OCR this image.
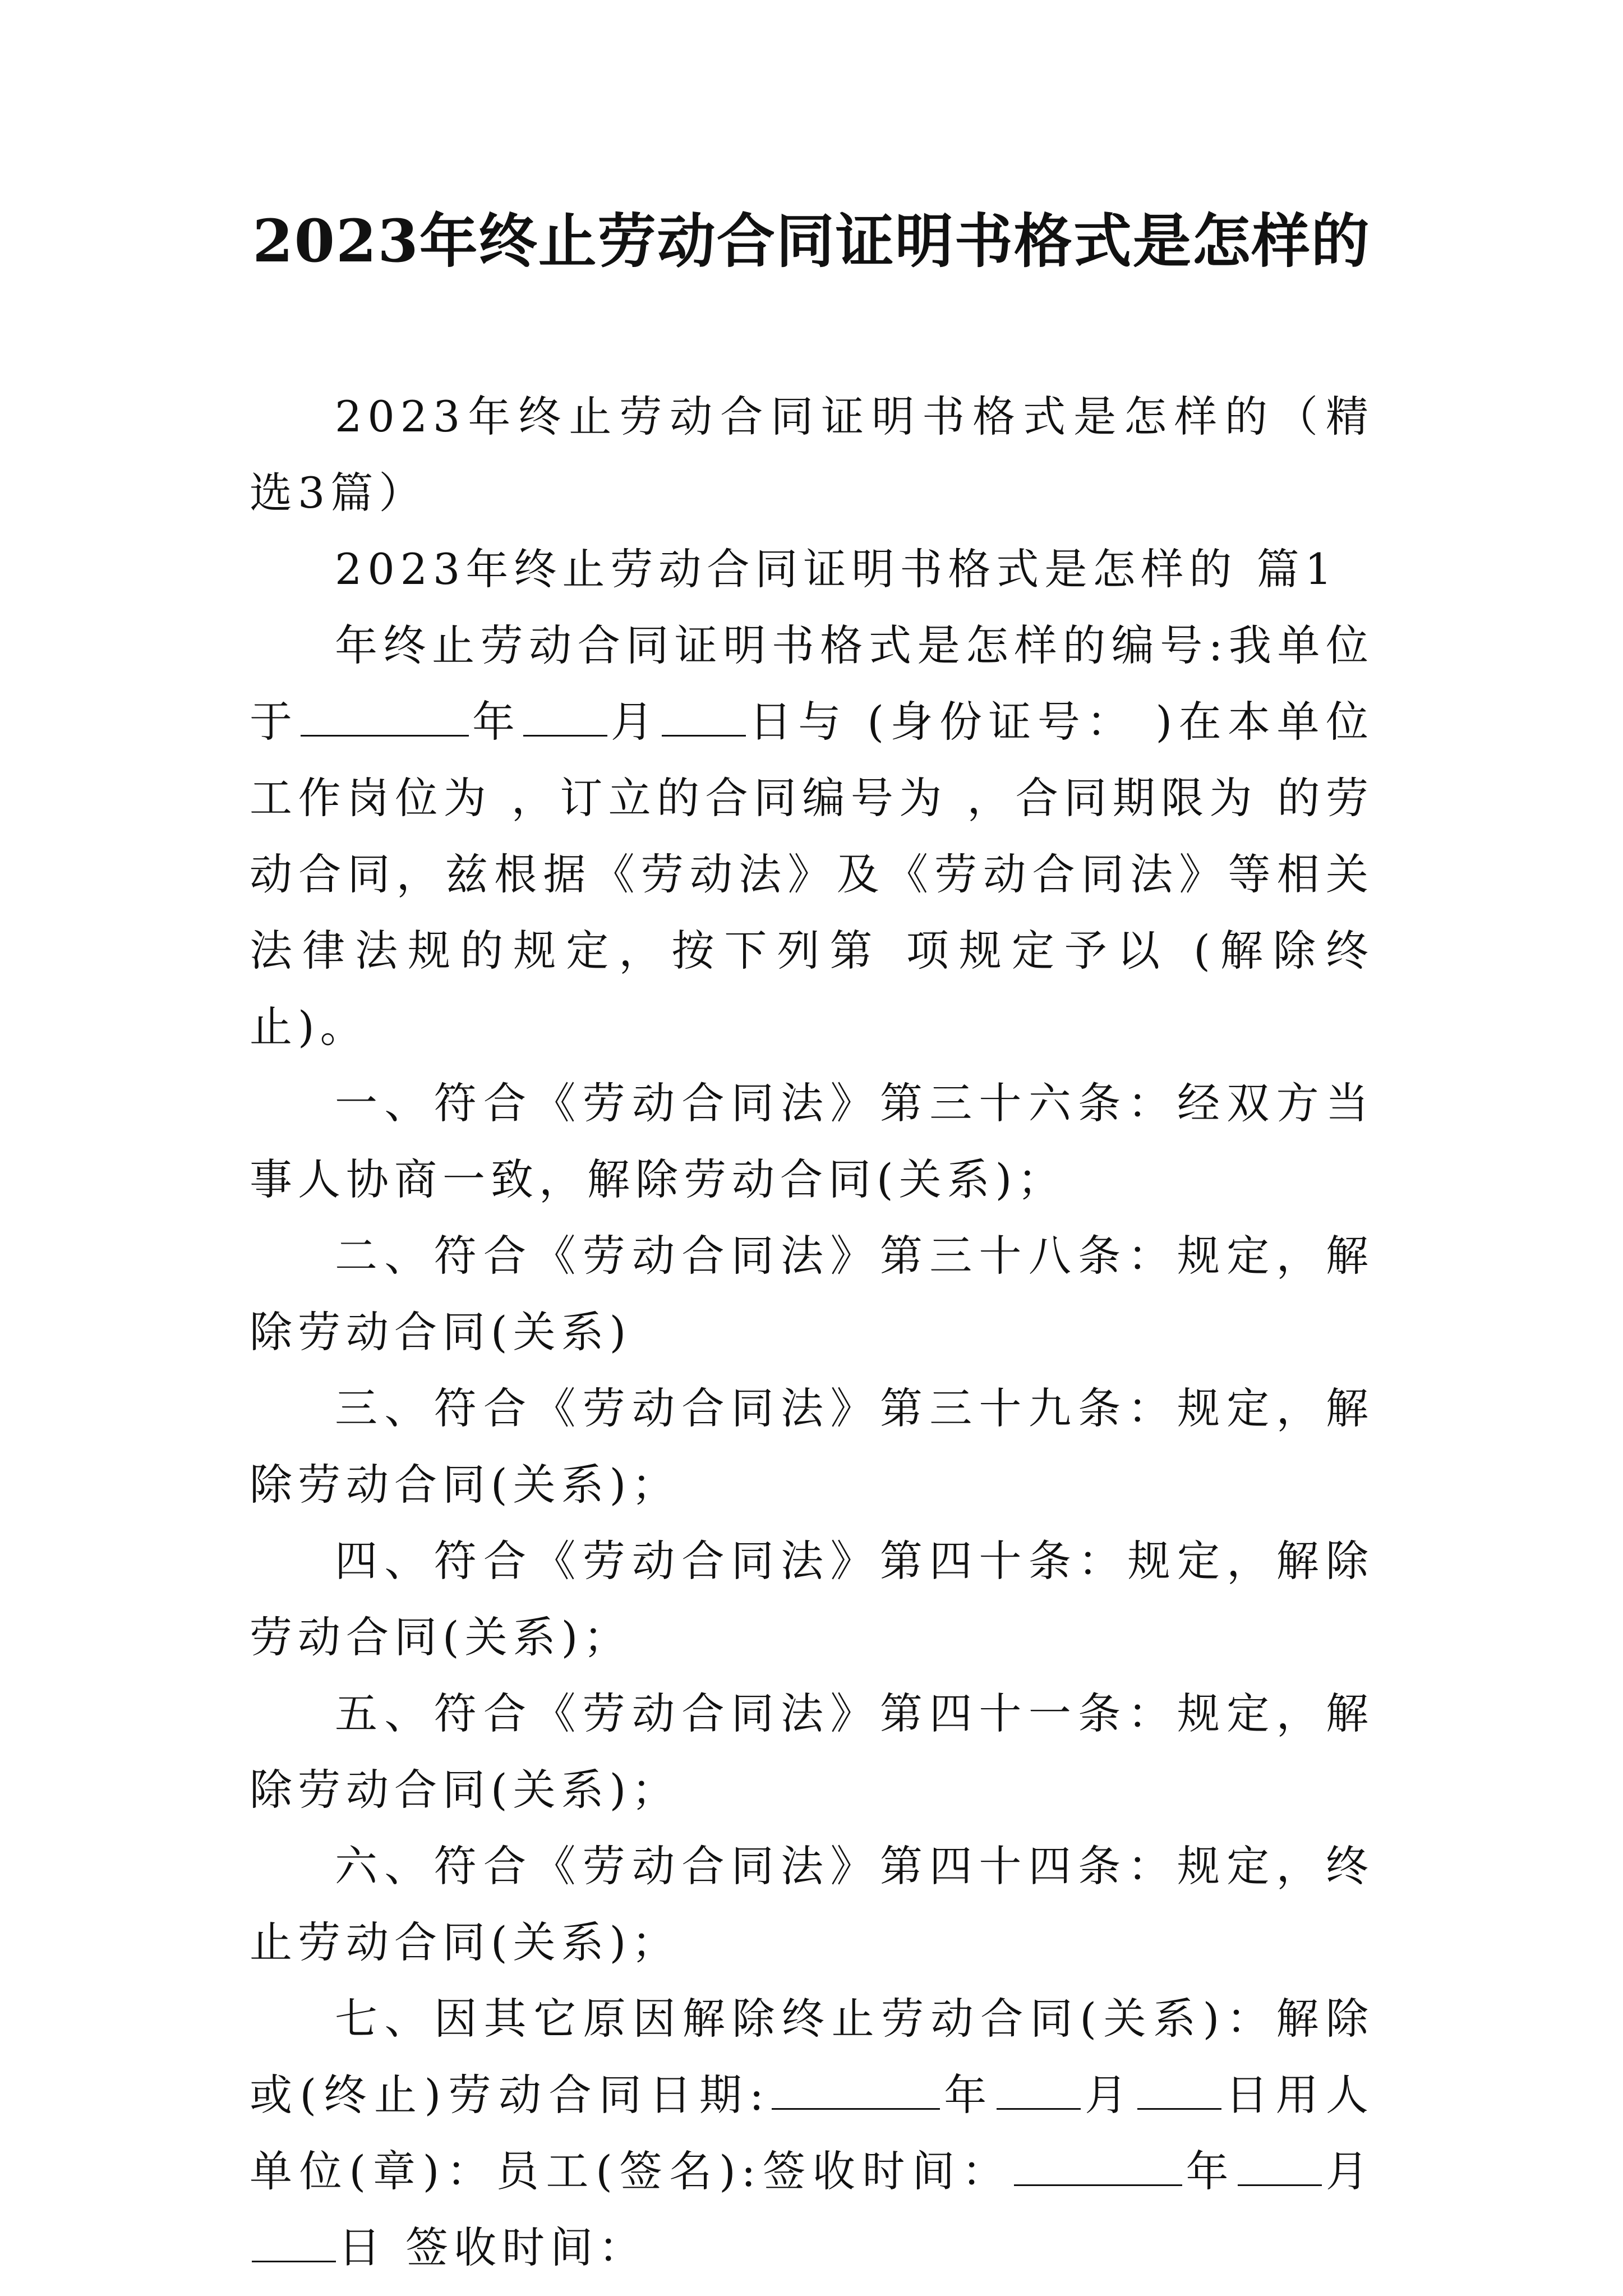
2023年终止劳动合同证明书格式是怎样的

2023年终止劳动合同证明书格式是怎样的（精选3篇）

2023年终止劳动合同证明书格式是怎样的 篇1

年终止劳动合同证明书格式是怎样的编号:我单位于	年 月 日与 (身份证号： )在本单位工作岗位为 ，订立的合同编号为 ，合同期限为 的劳动合同，兹根据《劳动法》及《劳动合同法》等相关法律法规的规定，按下列第 项规定予以 (解除终止)。

一、符合《劳动合同法》第三十六条：经双方当事人协商一致，解除劳动合同(关系)；

二、符合《劳动合同法》第三十八条：规定，解除劳动合同(关系)

三、符合《劳动合同法》第三十九条：规定，解除劳动合同(关系)；

四、符合《劳动合同法》第四十条：规定，解除劳动合同(关系)；

五、符合《劳动合同法》第四十一条：规定，解除劳动合同(关系)；

六、符合《劳动合同法》第四十四条：规定，终止劳动合同(关系)；

七、因其它原因解除终止劳动合同(关系)：解除或(终止)劳动合同日期:	年 月 日用人单位(章)：员工(签名):签收时间：	年 月日 签收时间：
